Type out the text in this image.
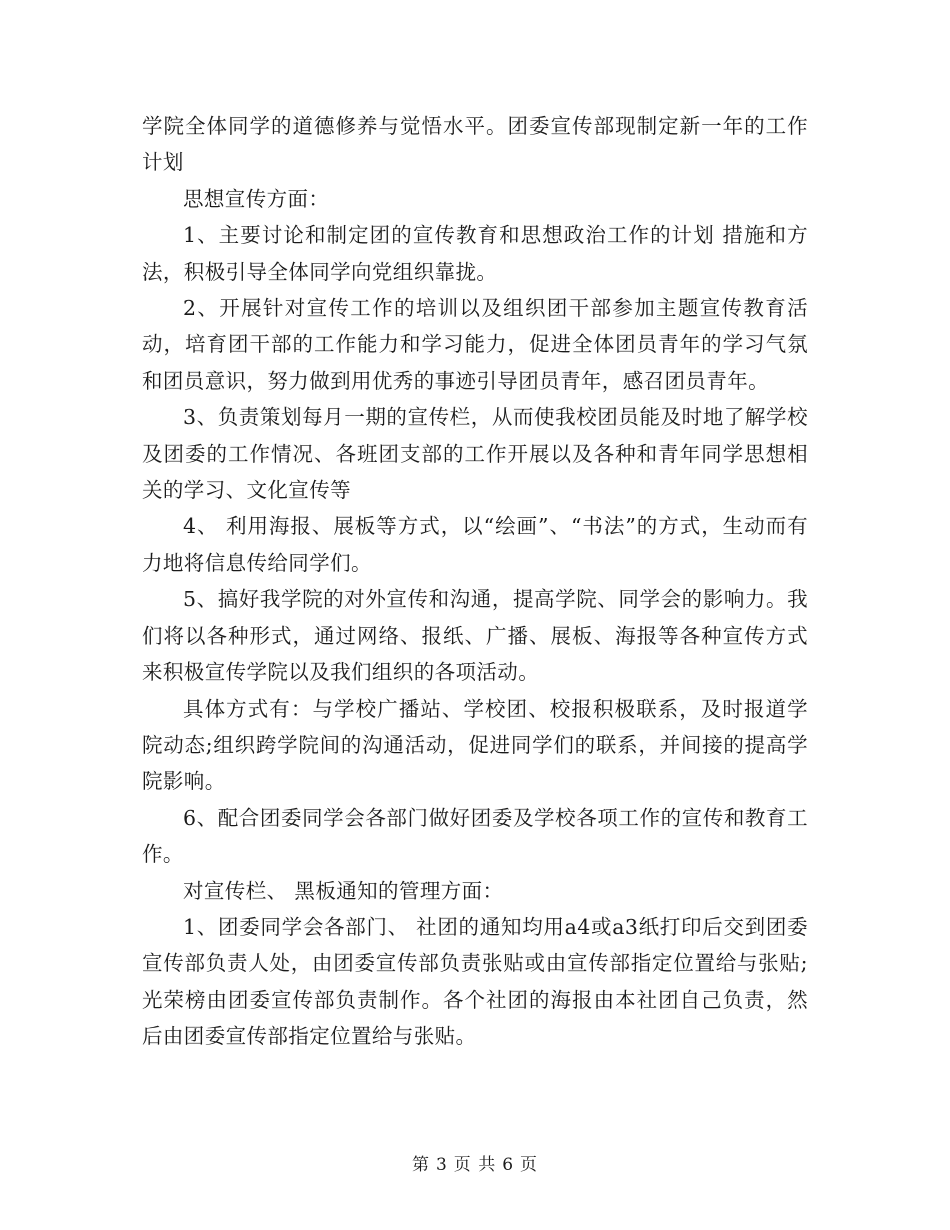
学院全体同学的道德修养与觉悟水平。团委宣传部现制定新一年的工作计划

思想宣传方面：

1、主要讨论和制定团的宣传教育和思想政治工作的计划 措施和方法，积极引导全体同学向党组织靠拢。

2、开展针对宣传工作的培训以及组织团干部参加主题宣传教育活动，培育团干部的工作能力和学习能力，促进全体团员青年的学习气氛和团员意识，努力做到用优秀的事迹引导团员青年，感召团员青年。

3、负责策划每月一期的宣传栏，从而使我校团员能及时地了解学校及团委的工作情况、各班团支部的工作开展以及各种和青年同学思想相关的学习、文化宣传等

4、 利用海报、展板等方式，以“绘画”、“书法”的方式，生动而有力地将信息传给同学们。

5、搞好我学院的对外宣传和沟通，提高学院、同学会的影响力。我们将以各种形式，通过网络、报纸、广播、展板、海报等各种宣传方式来积极宣传学院以及我们组织的各项活动。

具体方式有：与学校广播站、学校团、校报积极联系，及时报道学院动态;组织跨学院间的沟通活动，促进同学们的联系，并间接的提高学院影响。

6、配合团委同学会各部门做好团委及学校各项工作的宣传和教育工作。

对宣传栏、 黑板通知的管理方面：

1、团委同学会各部门、 社团的通知均用a4或a3纸打印后交到团委宣传部负责人处，由团委宣传部负责张贴或由宣传部指定位置给与张贴;光荣榜由团委宣传部负责制作。各个社团的海报由本社团自己负责，然后由团委宣传部指定位置给与张贴。

第 3 页 共 6 页
